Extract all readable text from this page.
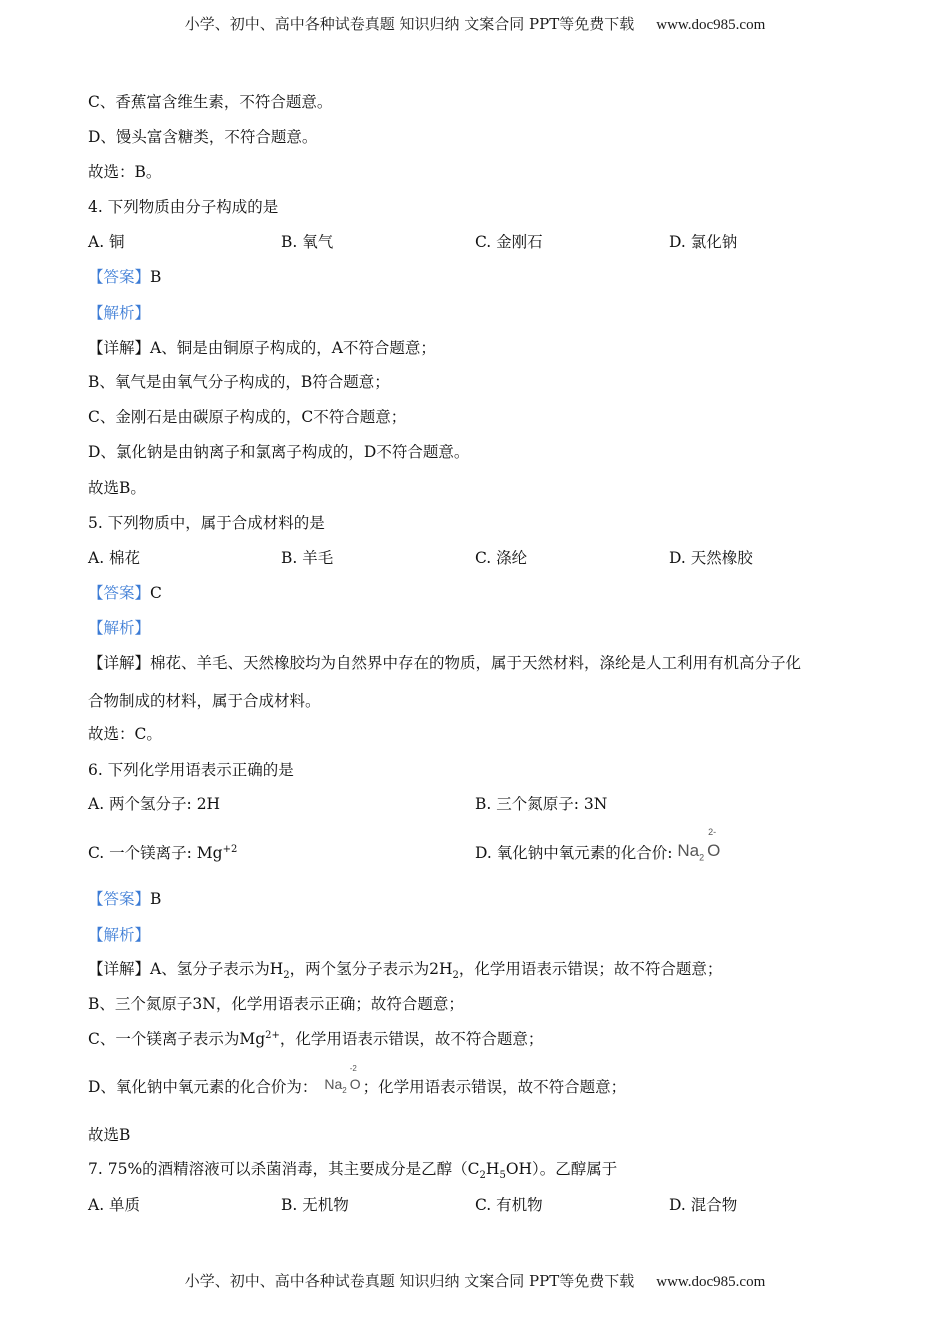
小学、初中、高中各种试卷真题 知识归纳 文案合同 PPT等免费下载 www.doc985.com
C、香蕉富含维生素，不符合题意。
D、馒头富含糖类，不符合题意。
故选：B。
4. 下列物质由分子构成的是
A. 铜	B. 氧气	C. 金刚石	D. 氯化钠
【答案】B
【解析】
【详解】A、铜是由铜原子构成的，A不符合题意；
B、氧气是由氧气分子构成的，B符合题意；
C、金刚石是由碳原子构成的，C不符合题意；
D、氯化钠是由钠离子和氯离子构成的，D不符合题意。
故选B。
5. 下列物质中，属于合成材料的是
A. 棉花	B. 羊毛	C. 涤纶	D. 天然橡胶
【答案】C
【解析】
【详解】棉花、羊毛、天然橡胶均为自然界中存在的物质，属于天然材料，涤纶是人工利用有机高分子化
合物制成的材料，属于合成材料。
故选：C。
6. 下列化学用语表示正确的是
A. 两个氢分子: 2H	B. 三个氮原子: 3N
C. 一个镁离子: $Mg^{+2}$	D. 氧化钠中氧元素的化合价: $Na_2$
2-
O
【答案】B
【解析】
【详解】A、氢分子表示为$H_2$，两个氢分子表示为$2H_2$，化学用语表示错误；故不符合题意；
B、三个氮原子3N，化学用语表示正确；故符合题意；
C、一个镁离子表示为$Mg^{2+}$，化学用语表示错误，故不符合题意；
D、氧化钠中氧元素的化合价为： $Na_2$
-2
O ；化学用语表示错误，故不符合题意；
故选B
7. 75%的酒精溶液可以杀菌消毒，其主要成分是乙醇$(C_2H_5OH)$。乙醇属于
A. 单质	B. 无机物	C. 有机物	D. 混合物
小学、初中、高中各种试卷真题 知识归纳 文案合同 PPT等免费下载 www.doc985.com
